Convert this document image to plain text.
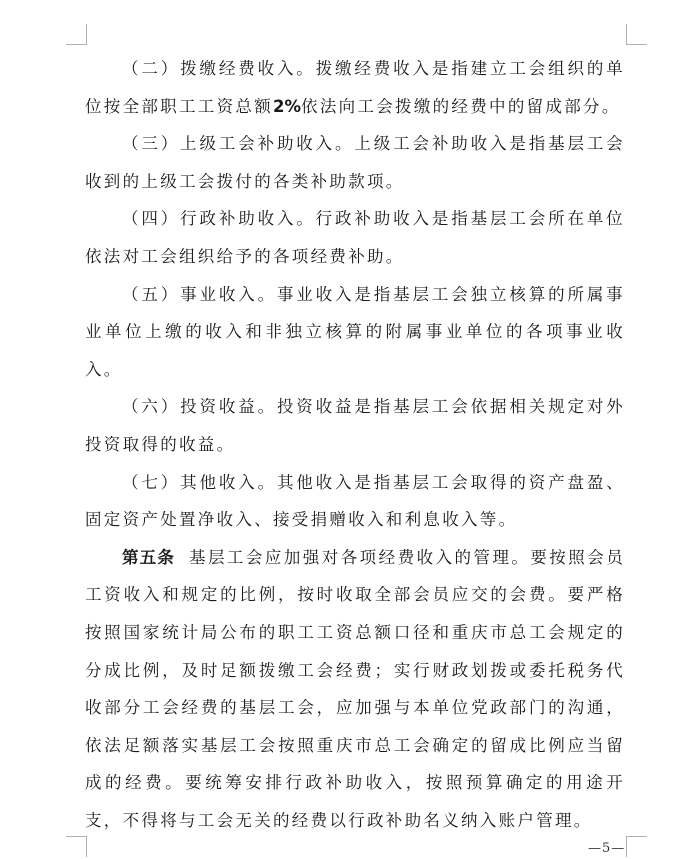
（二）拨缴经费收入。拨缴经费收入是指建立工会组织的单位按全部职工工资总额2%依法向工会拨缴的经费中的留成部分。

（三）上级工会补助收入。上级工会补助收入是指基层工会收到的上级工会拨付的各类补助款项。

（四）行政补助收入。行政补助收入是指基层工会所在单位依法对工会组织给予的各项经费补助。

（五）事业收入。事业收入是指基层工会独立核算的所属事业单位上缴的收入和非独立核算的附属事业单位的各项事业收入。

（六）投资收益。投资收益是指基层工会依据相关规定对外投资取得的收益。

（七）其他收入。其他收入是指基层工会取得的资产盘盈、固定资产处置净收入、接受捐赠收入和利息收入等。

第五条 基层工会应加强对各项经费收入的管理。要按照会员工资收入和规定的比例，按时收取全部会员应交的会费。要严格按照国家统计局公布的职工工资总额口径和重庆市总工会规定的分成比例，及时足额拨缴工会经费；实行财政划拨或委托税务代收部分工会经费的基层工会，应加强与本单位党政部门的沟通，依法足额落实基层工会按照重庆市总工会确定的留成比例应当留成的经费。要统筹安排行政补助收入，按照预算确定的用途开支，不得将与工会无关的经费以行政补助名义纳入账户管理。

—5—
